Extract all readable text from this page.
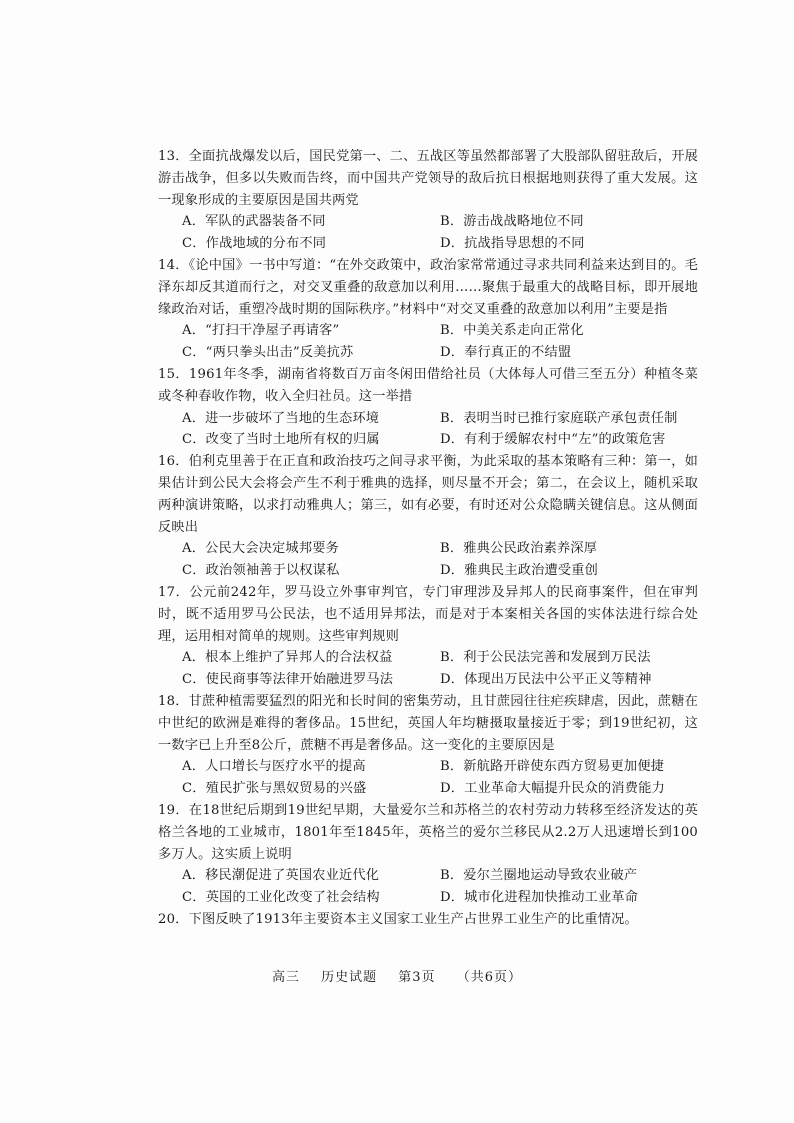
13．全面抗战爆发以后，国民党第一、二、五战区等虽然都部署了大股部队留驻敌后，开展游击战争，但多以失败而告终，而中国共产党领导的敌后抗日根据地则获得了重大发展。这一现象形成的主要原因是国共两党
A．军队的武器装备不同	B．游击战战略地位不同
C．作战地域的分布不同	D．抗战指导思想的不同
14．《论中国》一书中写道：“在外交政策中，政治家常常通过寻求共同利益来达到目的。毛泽东却反其道而行之，对交叉重叠的敌意加以利用……聚焦于最重大的战略目标，即开展地缘政治对话，重塑冷战时期的国际秩序。”材料中“对交叉重叠的敌意加以利用”主要是指
A．“打扫干净屋子再请客”	B．中美关系走向正常化
C．“两只拳头出击”反美抗苏	D．奉行真正的不结盟
15．1961年冬季，湖南省将数百万亩冬闲田借给社员（大体每人可借三至五分）种植冬菜或冬种春收作物，收入全归社员。这一举措
A．进一步破坏了当地的生态环境	B．表明当时已推行家庭联产承包责任制
C．改变了当时土地所有权的归属	D．有利于缓解农村中“左”的政策危害
16．伯利克里善于在正直和政治技巧之间寻求平衡，为此采取的基本策略有三种：第一，如果估计到公民大会将会产生不利于雅典的选择，则尽量不开会；第二，在会议上，随机采取两种演讲策略，以求打动雅典人；第三，如有必要，有时还对公众隐瞒关键信息。这从侧面反映出
A．公民大会决定城邦要务	B．雅典公民政治素养深厚
C．政治领袖善于以权谋私	D．雅典民主政治遭受重创
17．公元前242年，罗马设立外事审判官，专门审理涉及异邦人的民商事案件，但在审判时，既不适用罗马公民法，也不适用异邦法，而是对于本案相关各国的实体法进行综合处理，运用相对简单的规则。这些审判规则
A．根本上维护了异邦人的合法权益	B．利于公民法完善和发展到万民法
C．使民商事等法律开始融进罗马法	D．体现出万民法中公平正义等精神
18．甘蔗种植需要猛烈的阳光和长时间的密集劳动，且甘蔗园往往疟疾肆虐，因此，蔗糖在中世纪的欧洲是难得的奢侈品。15世纪，英国人年均糖摄取量接近于零；到19世纪初，这一数字已上升至8公斤，蔗糖不再是奢侈品。这一变化的主要原因是
A．人口增长与医疗水平的提高	B．新航路开辟使东西方贸易更加便捷
C．殖民扩张与黑奴贸易的兴盛	D．工业革命大幅提升民众的消费能力
19．在18世纪后期到19世纪早期，大量爱尔兰和苏格兰的农村劳动力转移至经济发达的英格兰各地的工业城市，1801年至1845年，英格兰的爱尔兰移民从2.2万人迅速增长到100多万人。这实质上说明
A．移民潮促进了英国农业近代化	B．爱尔兰圈地运动导致农业破产
C．英国的工业化改变了社会结构	D．城市化进程加快推动工业革命
20．下图反映了1913年主要资本主义国家工业生产占世界工业生产的比重情况。
高三 历史试题 第3页 （共6页）
